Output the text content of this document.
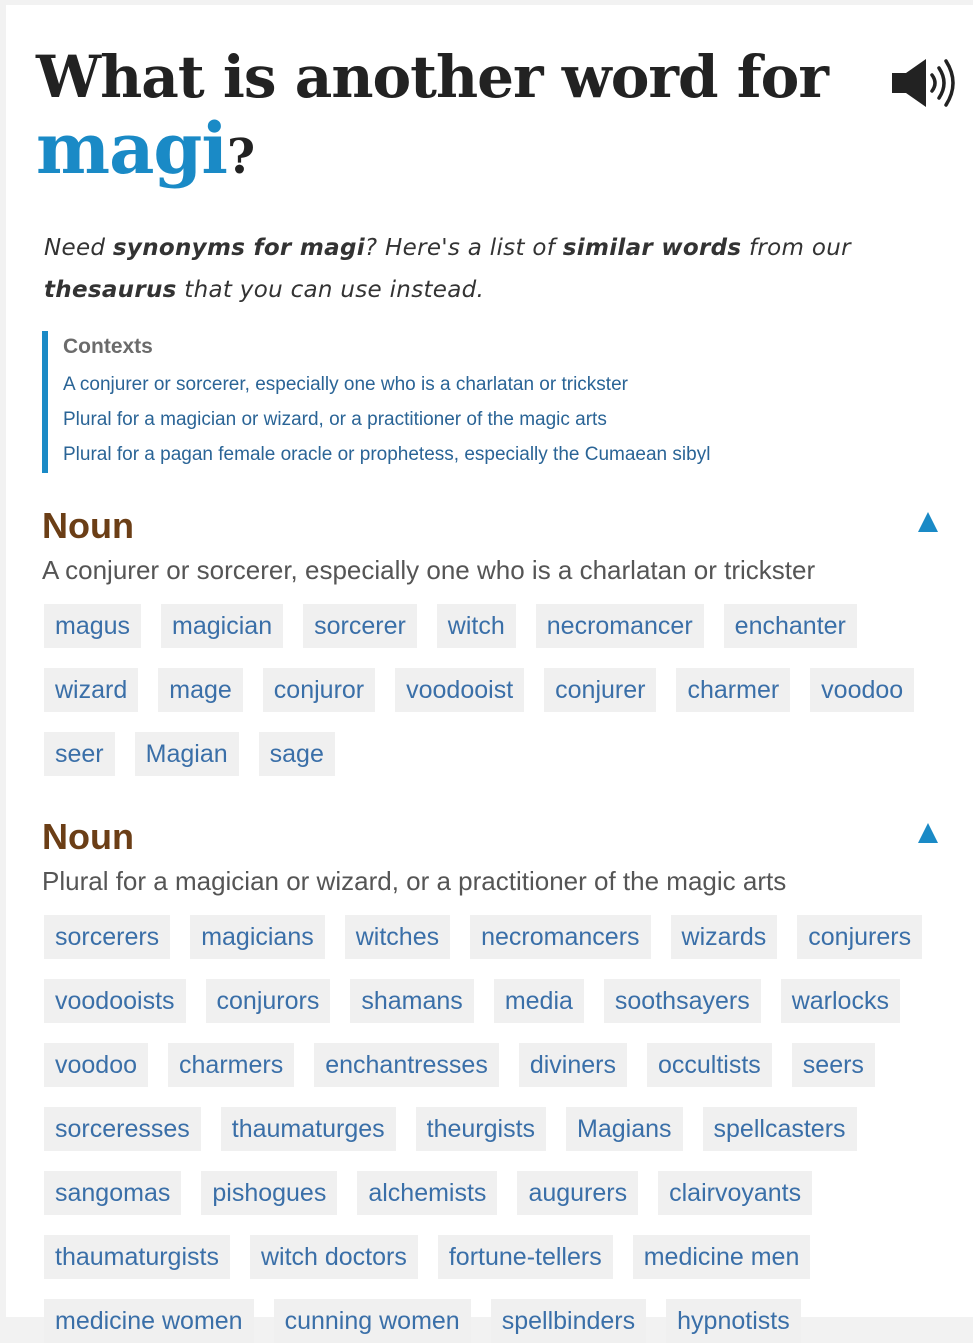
What is another word for
magi?

Need synonyms for magi? Here's a list of similar words from our thesaurus that you can use instead.

Contexts
A conjurer or sorcerer, especially one who is a charlatan or trickster
Plural for a magician or wizard, or a practitioner of the magic arts
Plural for a pagan female oracle or prophetess, especially the Cumaean sibyl
Noun

A conjurer or sorcerer, especially one who is a charlatan or trickster

magus	magician	sorcerer	witch	necromancer	enchanter
wizard	mage	conjuror	voodooist	conjurer	charmer	voodoo
seer	Magian	sage
Noun

Plural for a magician or wizard, or a practitioner of the magic arts

sorcerers	magicians	witches	necromancers	wizards	conjurers
voodooists	conjurors	shamans	media	soothsayers	warlocks
voodoo	charmers	enchantresses	diviners	occultists	seers
sorceresses	thaumaturges	theurgists	Magians	spellcasters
sangomas	pishogues	alchemists	augurers	clairvoyants
thaumaturgists	witch doctors	fortune-tellers	medicine men
medicine women	cunning women	spellbinders	hypnotists
